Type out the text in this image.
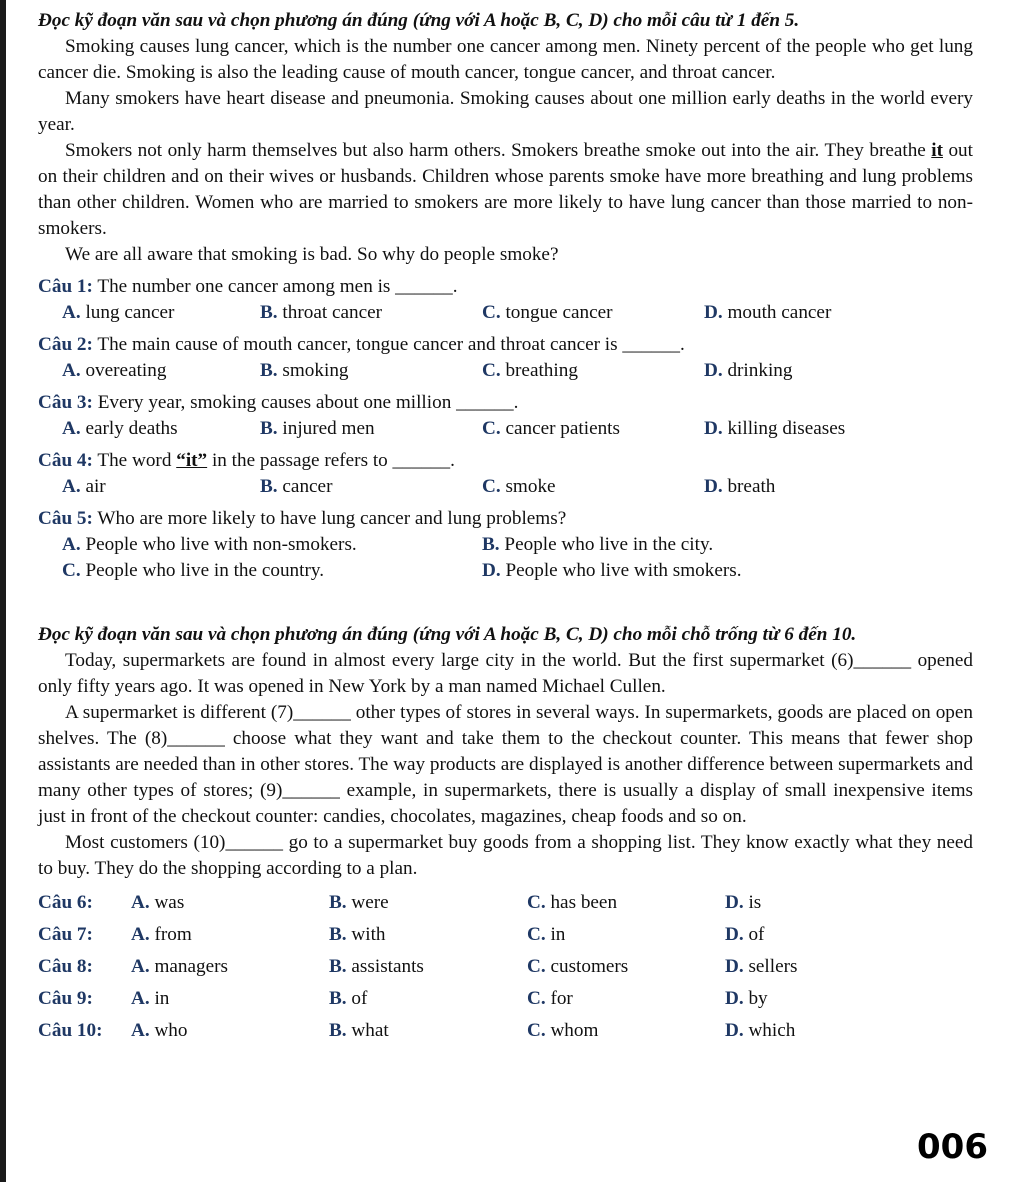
Đọc kỹ đoạn văn sau và chọn phương án đúng (ứng với A hoặc B, C, D) cho mỗi câu từ 1 đến 5.

Smoking causes lung cancer, which is the number one cancer among men. Ninety percent of the people who get lung cancer die. Smoking is also the leading cause of mouth cancer, tongue cancer, and throat cancer.

Many smokers have heart disease and pneumonia. Smoking causes about one million early deaths in the world every year.

Smokers not only harm themselves but also harm others. Smokers breathe smoke out into the air. They breathe it out on their children and on their wives or husbands. Children whose parents smoke have more breathing and lung problems than other children. Women who are married to smokers are more likely to have lung cancer than those married to non-smokers.

We are all aware that smoking is bad. So why do people smoke?

Câu 1: The number one cancer among men is ______.

A. lung cancer	B. throat cancer	C. tongue cancer	D. mouth cancer

Câu 2: The main cause of mouth cancer, tongue cancer and throat cancer is ______.

A. overeating	B. smoking	C. breathing	D. drinking

Câu 3: Every year, smoking causes about one million ______.

A. early deaths	B. injured men	C. cancer patients	D. killing diseases

Câu 4: The word “it” in the passage refers to ______.

A. air	B. cancer	C. smoke	D. breath

Câu 5: Who are more likely to have lung cancer and lung problems?

A. People who live with non-smokers.	B. People who live in the city.
C. People who live in the country.	D. People who live with smokers.

Đọc kỹ đoạn văn sau và chọn phương án đúng (ứng với A hoặc B, C, D) cho mỗi chỗ trống từ 6 đến 10.

Today, supermarkets are found in almost every large city in the world. But the first supermarket (6)______ opened only fifty years ago. It was opened in New York by a man named Michael Cullen.

A supermarket is different (7)______ other types of stores in several ways. In supermarkets, goods are placed on open shelves. The (8)______ choose what they want and take them to the checkout counter. This means that fewer shop assistants are needed than in other stores. The way products are displayed is another difference between supermarkets and many other types of stores; (9)______ example, in supermarkets, there is usually a display of small inexpensive items just in front of the checkout counter: candies, chocolates, magazines, cheap foods and so on.

Most customers (10)______ go to a supermarket buy goods from a shopping list. They know exactly what they need to buy. They do the shopping according to a plan.

Câu 6:	A. was	B. were	C. has been	D. is
Câu 7:	A. from	B. with	C. in	D. of
Câu 8:	A. managers	B. assistants	C. customers	D. sellers
Câu 9:	A. in	B. of	C. for	D. by
Câu 10:	A. who	B. what	C. whom	D. which
006
